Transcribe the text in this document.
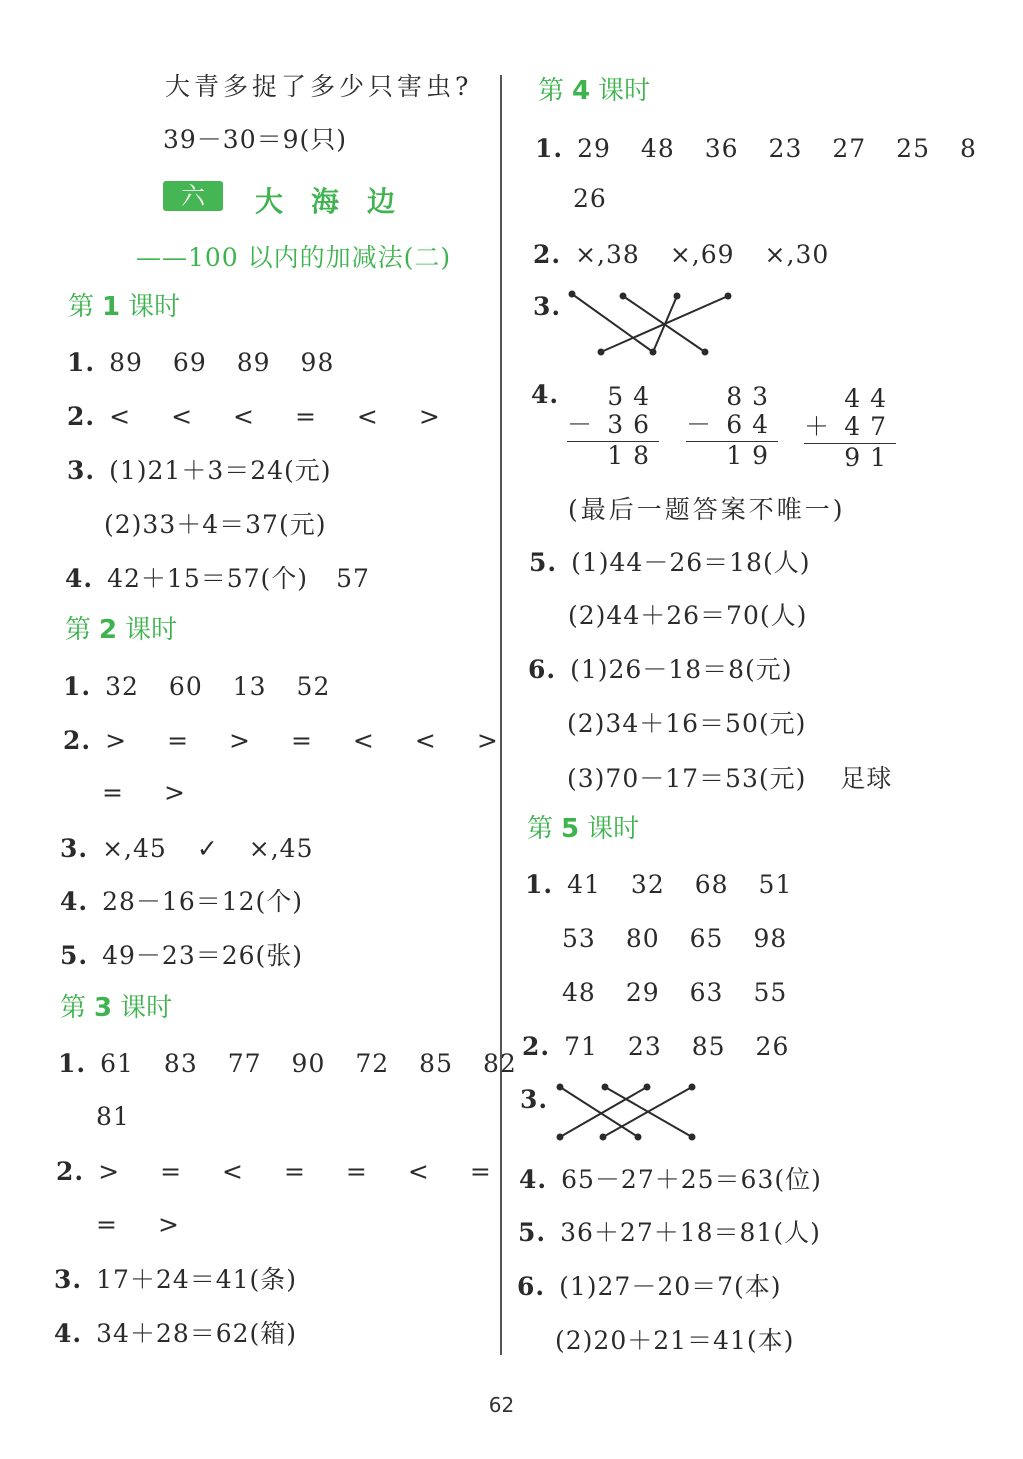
大青多捉了多少只害虫?
39－30＝9(只)
六	大海边
——100 以内的加减法(二)
第 1 课时
1. 89 69 89 98
2. < < < = < >
3. (1)21＋3＝24(元)
(2)33＋4＝37(元)
4. 42＋15＝57(个) 57
第 2 课时
1. 32 60 13 52
2. > = > = < < >
= >
3. ×,45 ✓ ×,45
4. 28－16＝12(个)
5. 49－23＝26(张)
第 3 课时
1. 61 83 77 90 72 85 82
81
2. > = < = = < =
= >
3. 17＋24＝41(条)
4. 34＋28＝62(箱)
第 4 课时
1. 29 48 36 23 27 25 8
26
2. ×,38 ×,69 ×,30
3.
4.	54
－ 36
18
83
－ 64
19
44
＋ 47
91
(最后一题答案不唯一)
5. (1)44－26＝18(人)
(2)44＋26＝70(人)
6. (1)26－18＝8(元)
(2)34＋16＝50(元)
(3)70－17＝53(元) 足球
第 5 课时
1. 41 32 68 51
53 80 65 98
48 29 63 55
2. 71 23 85 26
3.
4. 65－27＋25＝63(位)
5. 36＋27＋18＝81(人)
6. (1)27－20＝7(本)
(2)20＋21＝41(本)
62
